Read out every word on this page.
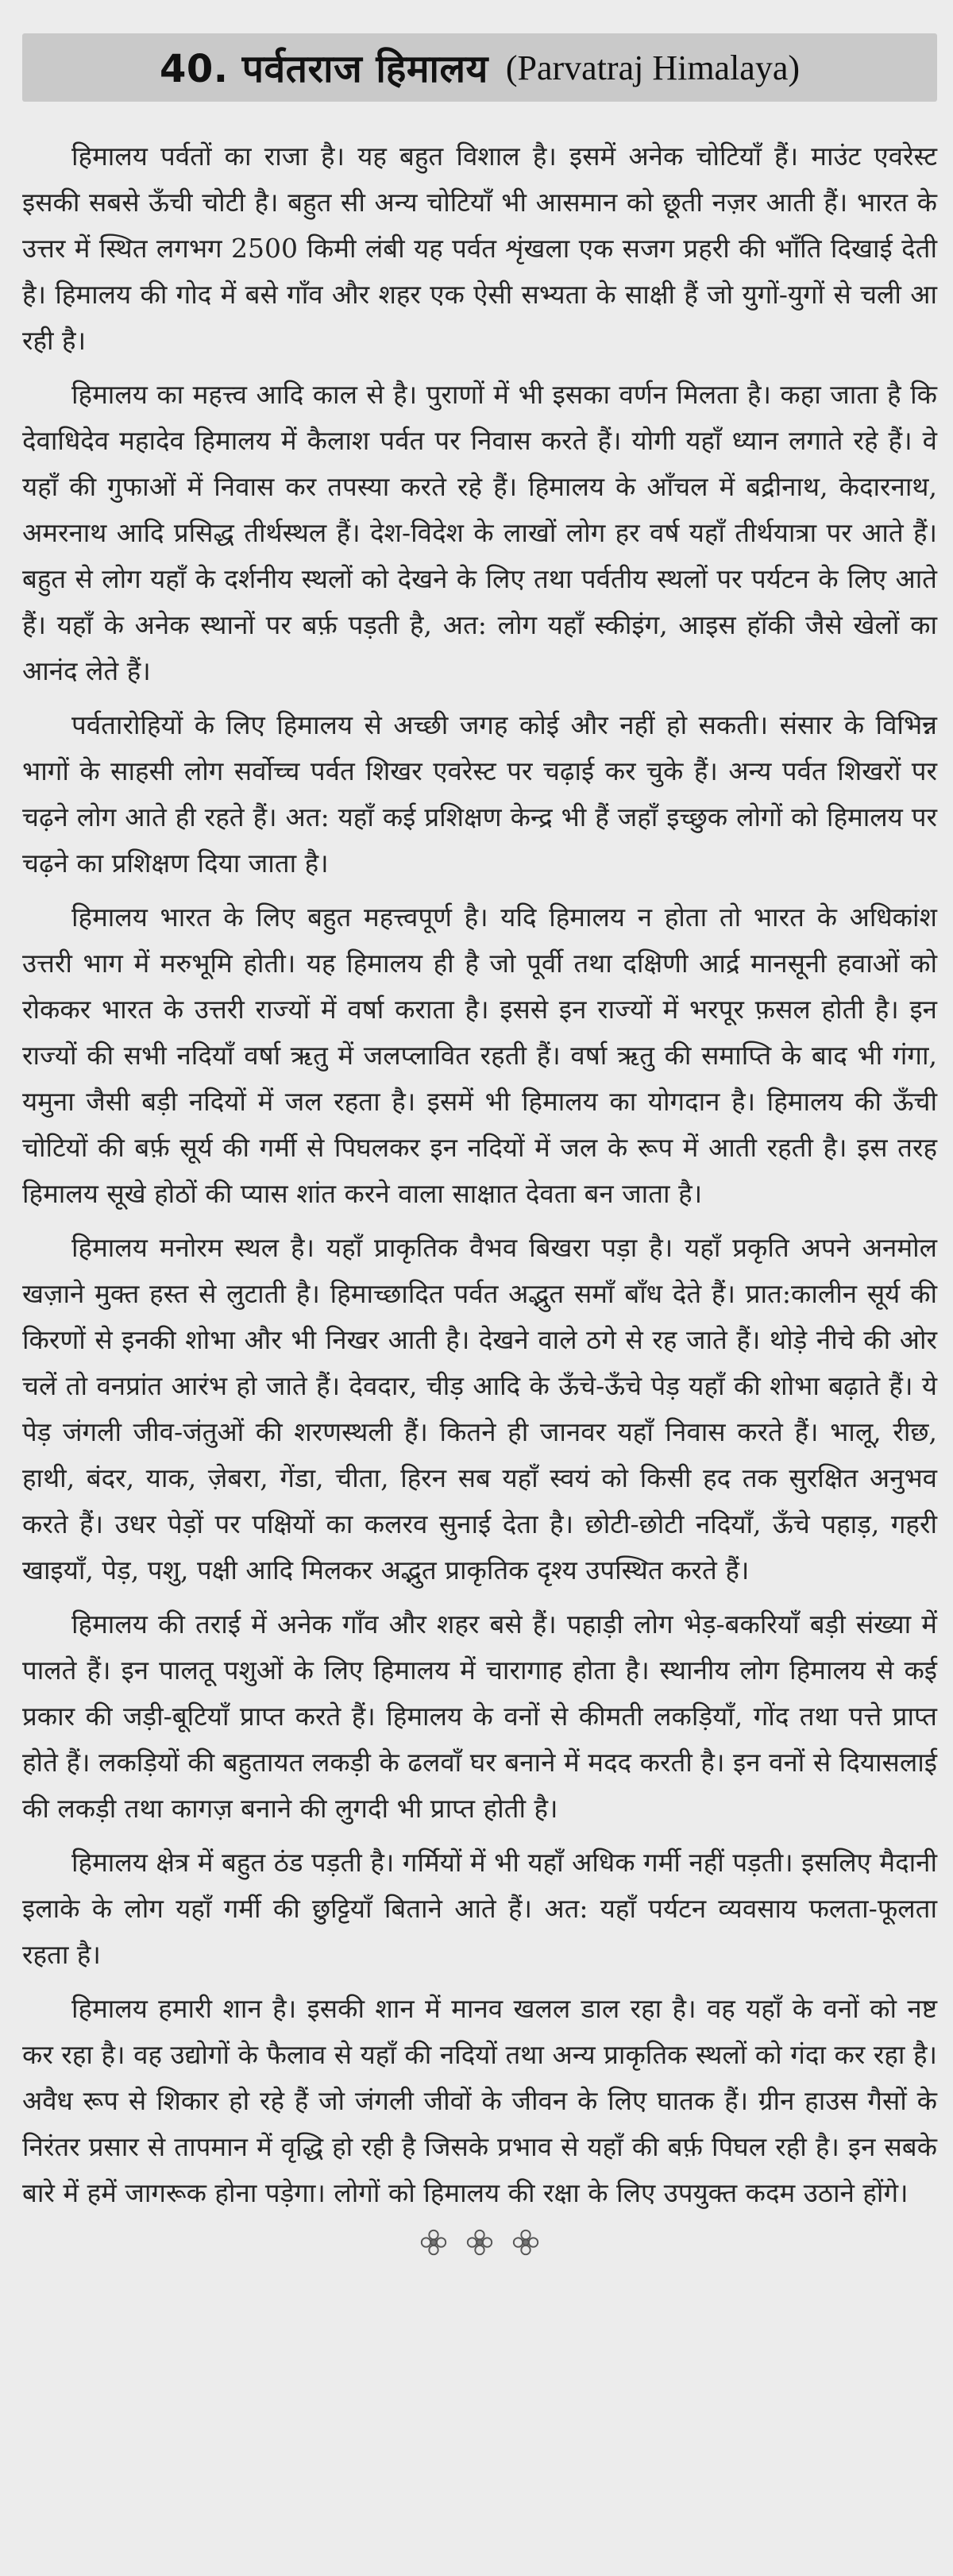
40. पर्वतराज हिमालय (Parvatraj Himalaya)

हिमालय पर्वतों का राजा है। यह बहुत विशाल है। इसमें अनेक चोटियाँ हैं। माउंट एवरेस्ट इसकी सबसे ऊँची चोटी है। बहुत सी अन्य चोटियाँ भी आसमान को छूती नज़र आती हैं। भारत के उत्तर में स्थित लगभग 2500 किमी लंबी यह पर्वत शृंखला एक सजग प्रहरी की भाँति दिखाई देती है। हिमालय की गोद में बसे गाँव और शहर एक ऐसी सभ्यता के साक्षी हैं जो युगों-युगों से चली आ रही है।

हिमालय का महत्त्व आदि काल से है। पुराणों में भी इसका वर्णन मिलता है। कहा जाता है कि देवाधिदेव महादेव हिमालय में कैलाश पर्वत पर निवास करते हैं। योगी यहाँ ध्यान लगाते रहे हैं। वे यहाँ की गुफाओं में निवास कर तपस्या करते रहे हैं। हिमालय के आँचल में बद्रीनाथ, केदारनाथ, अमरनाथ आदि प्रसिद्ध तीर्थस्थल हैं। देश-विदेश के लाखों लोग हर वर्ष यहाँ तीर्थयात्रा पर आते हैं। बहुत से लोग यहाँ के दर्शनीय स्थलों को देखने के लिए तथा पर्वतीय स्थलों पर पर्यटन के लिए आते हैं। यहाँ के अनेक स्थानों पर बर्फ़ पड़ती है, अत: लोग यहाँ स्कीइंग, आइस हॉकी जैसे खेलों का आनंद लेते हैं।

पर्वतारोहियों के लिए हिमालय से अच्छी जगह कोई और नहीं हो सकती। संसार के विभिन्न भागों के साहसी लोग सर्वोच्च पर्वत शिखर एवरेस्ट पर चढ़ाई कर चुके हैं। अन्य पर्वत शिखरों पर चढ़ने लोग आते ही रहते हैं। अत: यहाँ कई प्रशिक्षण केन्द्र भी हैं जहाँ इच्छुक लोगों को हिमालय पर चढ़ने का प्रशिक्षण दिया जाता है।

हिमालय भारत के लिए बहुत महत्त्वपूर्ण है। यदि हिमालय न होता तो भारत के अधिकांश उत्तरी भाग में मरुभूमि होती। यह हिमालय ही है जो पूर्वी तथा दक्षिणी आर्द्र मानसूनी हवाओं को रोककर भारत के उत्तरी राज्यों में वर्षा कराता है। इससे इन राज्यों में भरपूर फ़सल होती है। इन राज्यों की सभी नदियाँ वर्षा ऋतु में जलप्लावित रहती हैं। वर्षा ऋतु की समाप्ति के बाद भी गंगा, यमुना जैसी बड़ी नदियों में जल रहता है। इसमें भी हिमालय का योगदान है। हिमालय की ऊँची चोटियों की बर्फ़ सूर्य की गर्मी से पिघलकर इन नदियों में जल के रूप में आती रहती है। इस तरह हिमालय सूखे होठों की प्यास शांत करने वाला साक्षात देवता बन जाता है।

हिमालय मनोरम स्थल है। यहाँ प्राकृतिक वैभव बिखरा पड़ा है। यहाँ प्रकृति अपने अनमोल खज़ाने मुक्त हस्त से लुटाती है। हिमाच्छादित पर्वत अद्भुत समाँ बाँध देते हैं। प्रात:कालीन सूर्य की किरणों से इनकी शोभा और भी निखर आती है। देखने वाले ठगे से रह जाते हैं। थोड़े नीचे की ओर चलें तो वनप्रांत आरंभ हो जाते हैं। देवदार, चीड़ आदि के ऊँचे-ऊँचे पेड़ यहाँ की शोभा बढ़ाते हैं। ये पेड़ जंगली जीव-जंतुओं की शरणस्थली हैं। कितने ही जानवर यहाँ निवास करते हैं। भालू, रीछ, हाथी, बंदर, याक, ज़ेबरा, गेंडा, चीता, हिरन सब यहाँ स्वयं को किसी हद तक सुरक्षित अनुभव करते हैं। उधर पेड़ों पर पक्षियों का कलरव सुनाई देता है। छोटी-छोटी नदियाँ, ऊँचे पहाड़, गहरी खाइयाँ, पेड़, पशु, पक्षी आदि मिलकर अद्भुत प्राकृतिक दृश्य उपस्थित करते हैं।

हिमालय की तराई में अनेक गाँव और शहर बसे हैं। पहाड़ी लोग भेड़-बकरियाँ बड़ी संख्या में पालते हैं। इन पालतू पशुओं के लिए हिमालय में चारागाह होता है। स्थानीय लोग हिमालय से कई प्रकार की जड़ी-बूटियाँ प्राप्त करते हैं। हिमालय के वनों से कीमती लकड़ियाँ, गोंद तथा पत्ते प्राप्त होते हैं। लकड़ियों की बहुतायत लकड़ी के ढलवाँ घर बनाने में मदद करती है। इन वनों से दियासलाई की लकड़ी तथा कागज़ बनाने की लुगदी भी प्राप्त होती है।

हिमालय क्षेत्र में बहुत ठंड पड़ती है। गर्मियों में भी यहाँ अधिक गर्मी नहीं पड़ती। इसलिए मैदानी इलाके के लोग यहाँ गर्मी की छुट्टियाँ बिताने आते हैं। अत: यहाँ पर्यटन व्यवसाय फलता-फूलता रहता है।

हिमालय हमारी शान है। इसकी शान में मानव खलल डाल रहा है। वह यहाँ के वनों को नष्ट कर रहा है। वह उद्योगों के फैलाव से यहाँ की नदियों तथा अन्य प्राकृतिक स्थलों को गंदा कर रहा है। अवैध रूप से शिकार हो रहे हैं जो जंगली जीवों के जीवन के लिए घातक हैं। ग्रीन हाउस गैसों के निरंतर प्रसार से तापमान में वृद्धि हो रही है जिसके प्रभाव से यहाँ की बर्फ़ पिघल रही है। इन सबके बारे में हमें जागरूक होना पड़ेगा। लोगों को हिमालय की रक्षा के लिए उपयुक्त कदम उठाने होंगे।
